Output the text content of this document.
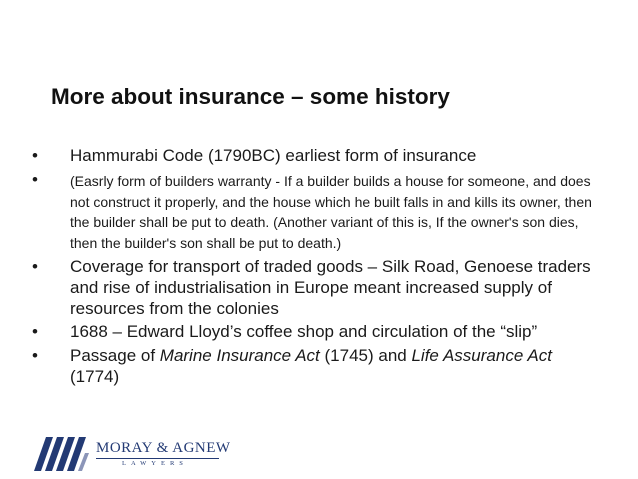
More about insurance – some history
• Hammurabi Code (1790BC) earliest form of insurance
• (Easrly form of builders warranty - If a builder builds a house for someone, and does not construct it properly, and the house which he built falls in and kills its owner, then the builder shall be put to death. (Another variant of this is, If the owner's son dies, then the builder's son shall be put to death.)
• Coverage for transport of traded goods – Silk Road, Genoese traders and rise of industrialisation in Europe meant increased supply of resources from the colonies
• 1688 – Edward Lloyd’s coffee shop and circulation of the “slip”
• Passage of Marine Insurance Act (1745) and Life Assurance Act (1774)
MORAY & AGNEW
LAWYERS
